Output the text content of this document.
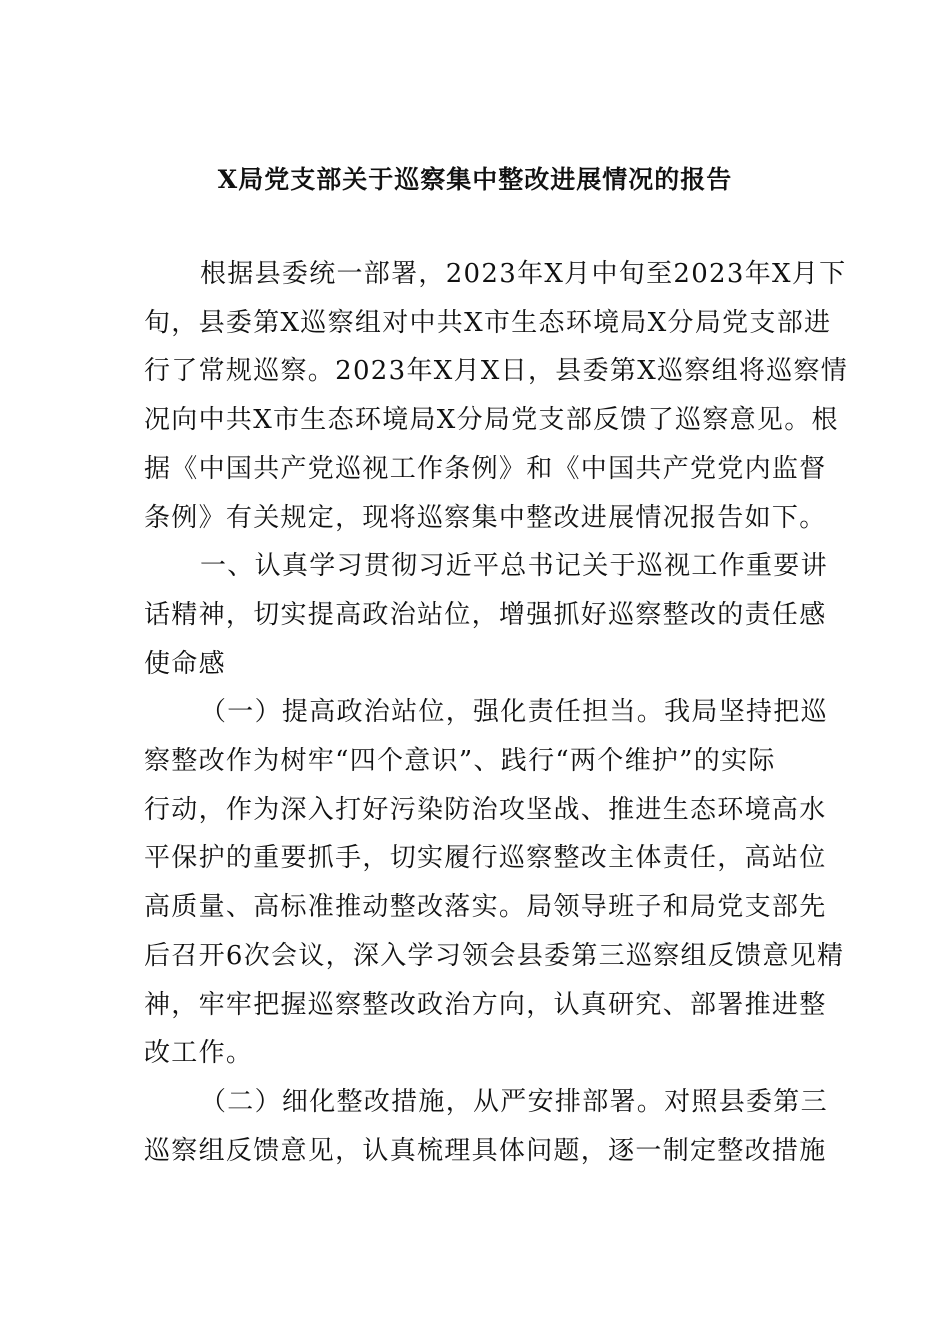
X局党支部关于巡察集中整改进展情况的报告
根据县委统一部署，2023年X月中旬至2023年X月下
旬，县委第X巡察组对中共X市生态环境局X分局党支部进
行了常规巡察。2023年X月X日，县委第X巡察组将巡察情
况向中共X市生态环境局X分局党支部反馈了巡察意见。根
据《中国共产党巡视工作条例》和《中国共产党党内监督
条例》有关规定，现将巡察集中整改进展情况报告如下。
一、认真学习贯彻习近平总书记关于巡视工作重要讲
话精神，切实提高政治站位，增强抓好巡察整改的责任感
使命感
（一）提高政治站位，强化责任担当。我局坚持把巡
察整改作为树牢“四个意识”、践行“两个维护”的实际
行动，作为深入打好污染防治攻坚战、推进生态环境高水
平保护的重要抓手，切实履行巡察整改主体责任，高站位
高质量、高标准推动整改落实。局领导班子和局党支部先
后召开6次会议，深入学习领会县委第三巡察组反馈意见精
神，牢牢把握巡察整改政治方向，认真研究、部署推进整
改工作。
（二）细化整改措施，从严安排部署。对照县委第三
巡察组反馈意见，认真梳理具体问题，逐一制定整改措施
